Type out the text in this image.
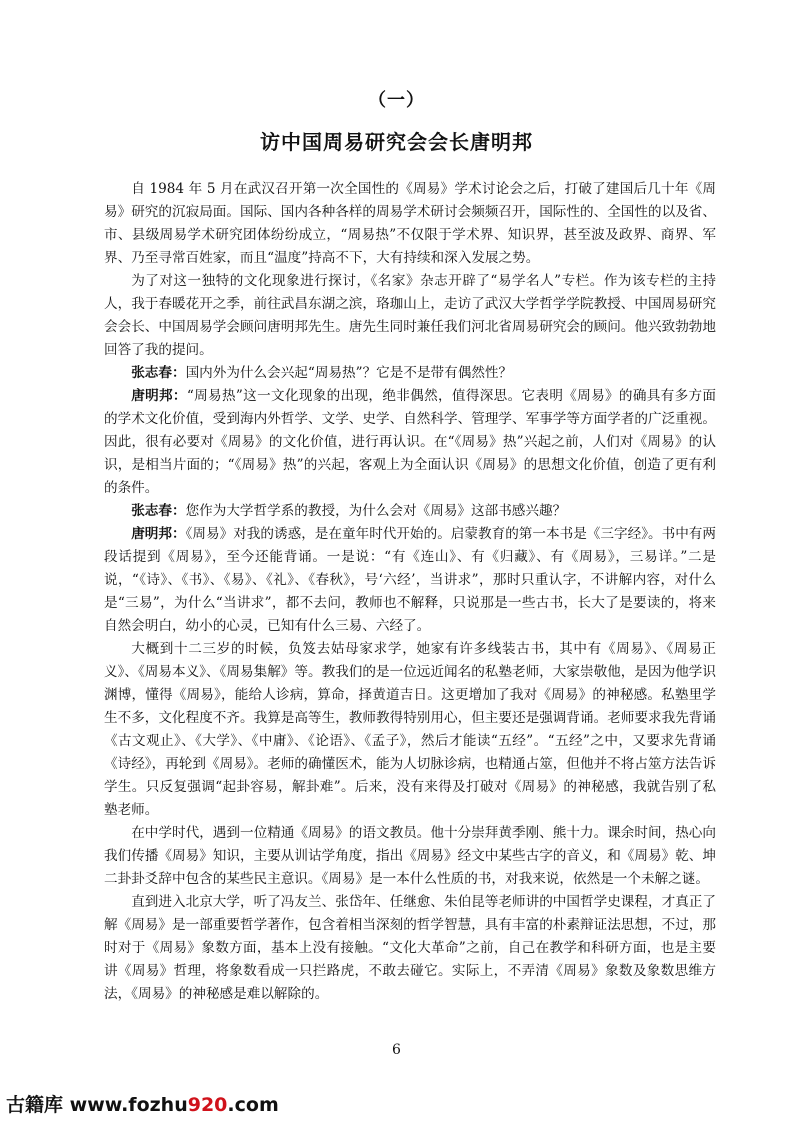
（一）
访中国周易研究会会长唐明邦

自 1984 年 5 月在武汉召开第一次全国性的《周易》学术讨论会之后，打破了建国后几十年《周易》研究的沉寂局面。国际、国内各种各样的周易学术研讨会频频召开，国际性的、全国性的以及省、市、县级周易学术研究团体纷纷成立，“周易热”不仅限于学术界、知识界，甚至波及政界、商界、军界、乃至寻常百姓家，而且“温度”持高不下，大有持续和深入发展之势。

为了对这一独特的文化现象进行探讨，《名家》杂志开辟了“易学名人”专栏。作为该专栏的主持人，我于春暖花开之季，前往武昌东湖之滨，珞珈山上，走访了武汉大学哲学学院教授、中国周易研究会会长、中国周易学会顾问唐明邦先生。唐先生同时兼任我们河北省周易研究会的顾问。他兴致勃勃地回答了我的提问。

张志春：国内外为什么会兴起“周易热”？它是不是带有偶然性？

唐明邦：“周易热”这一文化现象的出现，绝非偶然，值得深思。它表明《周易》的确具有多方面的学术文化价值，受到海内外哲学、文学、史学、自然科学、管理学、军事学等方面学者的广泛重视。因此，很有必要对《周易》的文化价值，进行再认识。在“《周易》热”兴起之前，人们对《周易》的认识，是相当片面的；“《周易》热”的兴起，客观上为全面认识《周易》的思想文化价值，创造了更有利的条件。

张志春：您作为大学哲学系的教授，为什么会对《周易》这部书感兴趣？

唐明邦：《周易》对我的诱惑，是在童年时代开始的。启蒙教育的第一本书是《三字经》。书中有两段话提到《周易》，至今还能背诵。一是说：“有《连山》、有《归藏》、有《周易》，三易详。”二是说，“《诗》、《书》、《易》、《礼》、《春秋》，号‘六经’，当讲求”，那时只重认字，不讲解内容，对什么是“三易”，为什么“当讲求”，都不去问，教师也不解释，只说那是一些古书，长大了是要读的，将来自然会明白，幼小的心灵，已知有什么三易、六经了。

大概到十二三岁的时候，负笈去姑母家求学，她家有许多线装古书，其中有《周易》、《周易正义》、《周易本义》、《周易集解》等。教我们的是一位远近闻名的私塾老师，大家崇敬他，是因为他学识渊博，懂得《周易》，能给人诊病，算命，择黄道吉日。这更增加了我对《周易》的神秘感。私塾里学生不多，文化程度不齐。我算是高等生，教师教得特别用心，但主要还是强调背诵。老师要求我先背诵《古文观止》、《大学》、《中庸》、《论语》、《孟子》，然后才能读“五经”。“五经”之中，又要求先背诵《诗经》，再轮到《周易》。老师的确懂医术，能为人切脉诊病，也精通占筮，但他并不将占筮方法告诉学生。只反复强调“起卦容易，解卦难”。后来，没有来得及打破对《周易》的神秘感，我就告别了私塾老师。

在中学时代，遇到一位精通《周易》的语文教员。他十分崇拜黄季刚、熊十力。课余时间，热心向我们传播《周易》知识，主要从训诂学角度，指出《周易》经文中某些古字的音义，和《周易》乾、坤二卦卦爻辞中包含的某些民主意识。《周易》是一本什么性质的书，对我来说，依然是一个未解之谜。

直到进入北京大学，听了冯友兰、张岱年、任继愈、朱伯昆等老师讲的中国哲学史课程，才真正了解《周易》是一部重要哲学著作，包含着相当深刻的哲学智慧，具有丰富的朴素辩证法思想，不过，那时对于《周易》象数方面，基本上没有接触。“文化大革命”之前，自己在教学和科研方面，也是主要讲《周易》哲理，将象数看成一只拦路虎，不敢去碰它。实际上，不弄清《周易》象数及象数思维方法，《周易》的神秘感是难以解除的。

6
古籍库 www.fozhu920.com
